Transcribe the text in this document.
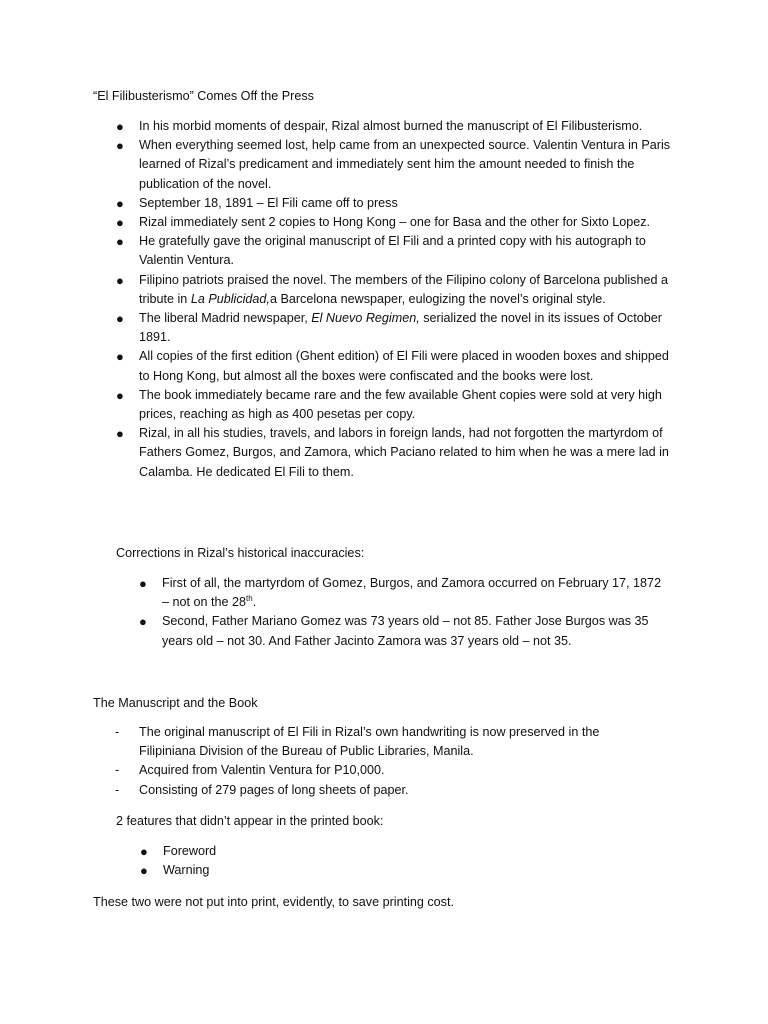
“El Filibusterismo” Comes Off the Press
● In his morbid moments of despair, Rizal almost burned the manuscript of El Filibusterismo.
● When everything seemed lost, help came from an unexpected source. Valentin Ventura in Paris learned of Rizal’s predicament and immediately sent him the amount needed to finish the publication of the novel.
● September 18, 1891 – El Fili came off to press
● Rizal immediately sent 2 copies to Hong Kong – one for Basa and the other for Sixto Lopez.
● He gratefully gave the original manuscript of El Fili and a printed copy with his autograph to Valentin Ventura.
● Filipino patriots praised the novel. The members of the Filipino colony of Barcelona published a tribute in La Publicidad,a Barcelona newspaper, eulogizing the novel’s original style.
● The liberal Madrid newspaper, El Nuevo Regimen, serialized the novel in its issues of October 1891.
● All copies of the first edition (Ghent edition) of El Fili were placed in wooden boxes and shipped to Hong Kong, but almost all the boxes were confiscated and the books were lost.
● The book immediately became rare and the few available Ghent copies were sold at very high prices, reaching as high as 400 pesetas per copy.
● Rizal, in all his studies, travels, and labors in foreign lands, had not forgotten the martyrdom of Fathers Gomez, Burgos, and Zamora, which Paciano related to him when he was a mere lad in Calamba. He dedicated El Fili to them.
Corrections in Rizal’s historical inaccuracies:
● First of all, the martyrdom of Gomez, Burgos, and Zamora occurred on February 17, 1872 – not on the 28th.
● Second, Father Mariano Gomez was 73 years old – not 85. Father Jose Burgos was 35 years old – not 30. And Father Jacinto Zamora was 37 years old – not 35.
The Manuscript and the Book
- The original manuscript of El Fili in Rizal’s own handwriting is now preserved in the Filipiniana Division of the Bureau of Public Libraries, Manila.
- Acquired from Valentin Ventura for P10,000.
- Consisting of 279 pages of long sheets of paper.
2 features that didn’t appear in the printed book:
● Foreword
● Warning
These two were not put into print, evidently, to save printing cost.
